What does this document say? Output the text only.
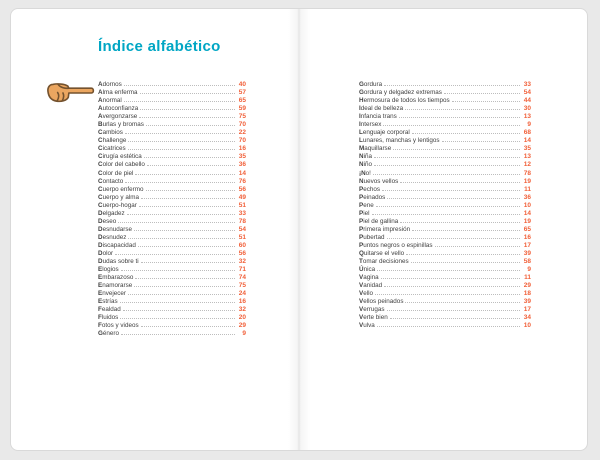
Índice alfabético
Adornos	40
Alma enferma	57
Anormal	65
Autoconfianza	59
Avergonzarse	75
Burlas y bromas	70
Cambios	22
Challenge	70
Cicatrices	16
Cirugía estética	35
Color del cabello	36
Color de piel	14
Contacto	76
Cuerpo enfermo	56
Cuerpo y alma	49
Cuerpo-hogar	51
Delgadez	33
Deseo	78
Desnudarse	54
Desnudez	51
Discapacidad	60
Dolor	56
Dudas sobre ti	32
Elogios	71
Embarazoso	74
Enamorarse	75
Envejecer	24
Estrías	16
Fealdad	32
Fluidos	20
Fotos y videos	29
Género	9
Gordura	33
Gordura y delgadez extremas	54
Hermosura de todos los tiempos	44
Ideal de belleza	30
Infancia trans	13
Intersex	9
Lenguaje corporal	68
Lunares, manchas y lentigos	14
Maquillarse	35
Niña	13
Niño	12
¡No!	78
Nuevos vellos	19
Pechos	11
Peinados	36
Pene	10
Piel	14
Piel de gallina	19
Primera impresión	65
Pubertad	16
Puntos negros o espinillas	17
Quitarse el vello	39
Tomar decisiones	58
Única	9
Vagina	11
Vanidad	29
Vello	18
Vellos peinados	39
Verrugas	17
Verte bien	34
Vulva	10
